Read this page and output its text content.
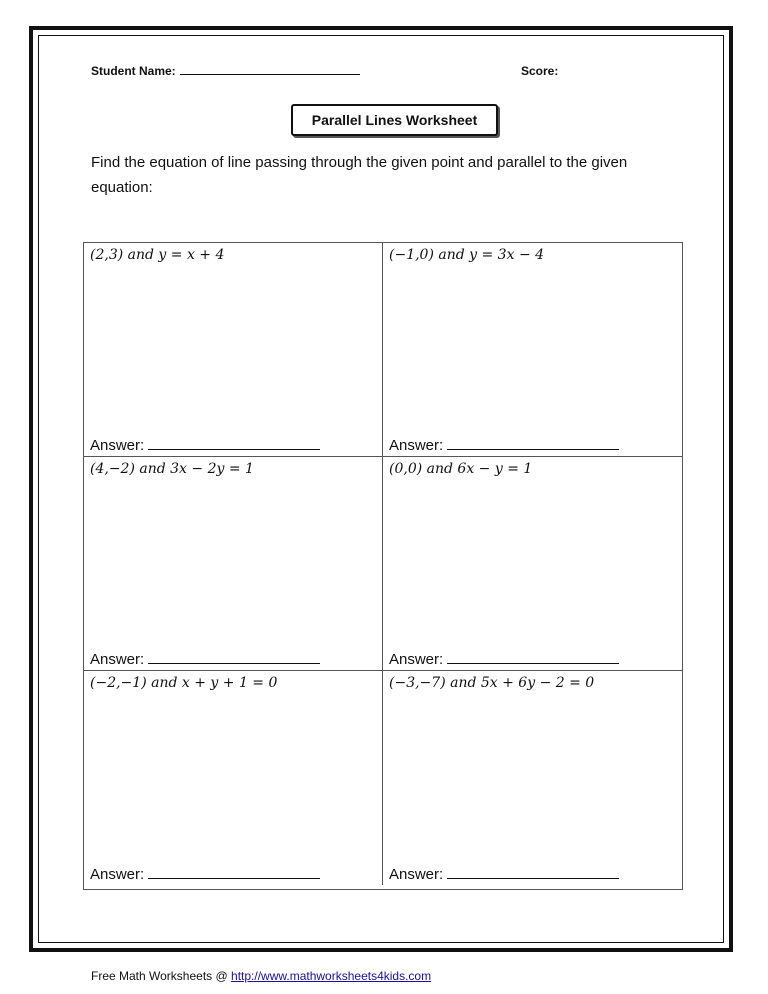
Student Name:	Score:
Parallel Lines Worksheet
Find the equation of line passing through the given point and parallel to the given equation:
(2,3) and y = x + 4
Answer:
(−1,0) and y = 3x − 4
Answer:
(4,−2) and 3x − 2y = 1
Answer:
(0,0) and 6x − y = 1
Answer:
(−2,−1) and x + y + 1 = 0
Answer:
(−3,−7) and 5x + 6y − 2 = 0
Answer:
Free Math Worksheets @ http://www.mathworksheets4kids.com
